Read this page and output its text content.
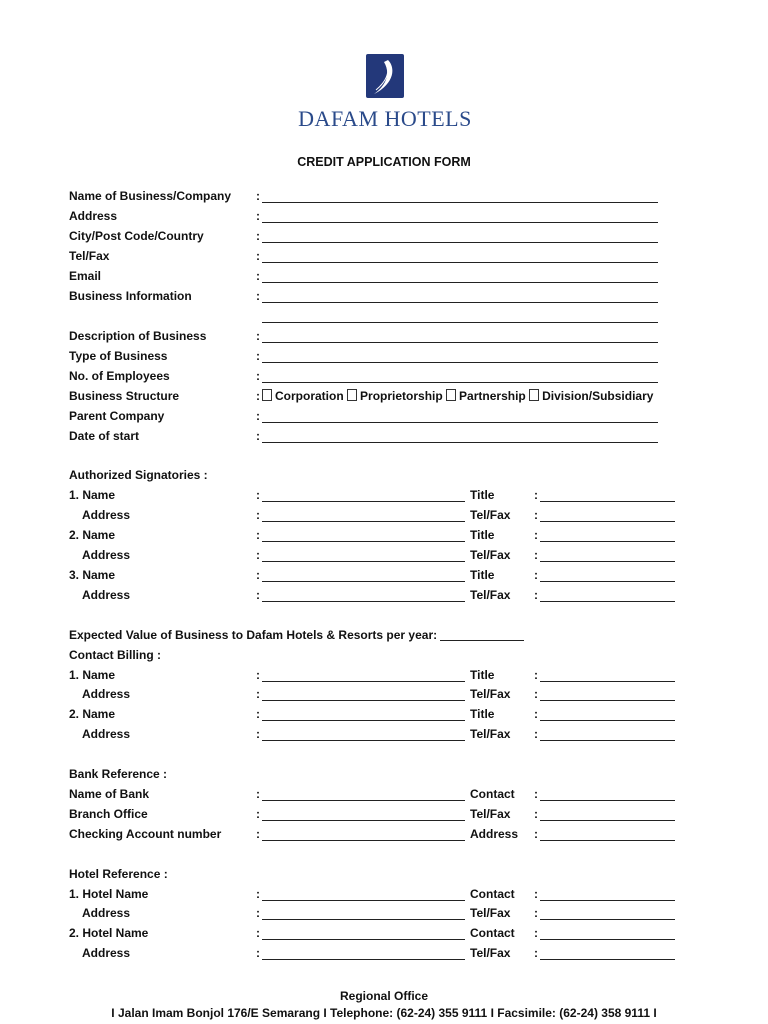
DAFAM HOTELS
CREDIT APPLICATION FORM
Name of Business/Company :
Address	:
City/Post Code/Country	:
Tel/Fax	:
Email	:
Business Information	:
Description of Business	:
Type of Business	:
No. of Employees	:
Business Structure	:	Corporation Proprietorship Partnership Division/Subsidiary
Parent Company	:
Date of start	:
Authorized Signatories :
1. Name	:	Title	:
Address	:	Tel/Fax :
2. Name	:	Title	:
Address	:	Tel/Fax :
3. Name	:	Title	:
Address	:	Tel/Fax :
Expected Value of Business to Dafam Hotels & Resorts per year:
Contact Billing :
1. Name	:	Title	:
Address	:	Tel/Fax :
2. Name	:	Title	:
Address	:	Tel/Fax :
Bank Reference :
Name of Bank	:	Contact :
Branch Office	:	Tel/Fax :
Checking Account number	:	Address :
Hotel Reference :
1. Hotel Name	:	Contact :
Address	:	Tel/Fax :
2. Hotel Name	:	Contact :
Address	:	Tel/Fax :
Regional Office
I Jalan Imam Bonjol 176/E Semarang I Telephone: (62-24) 355 9111 I Facsimile: (62-24) 358 9111 I
